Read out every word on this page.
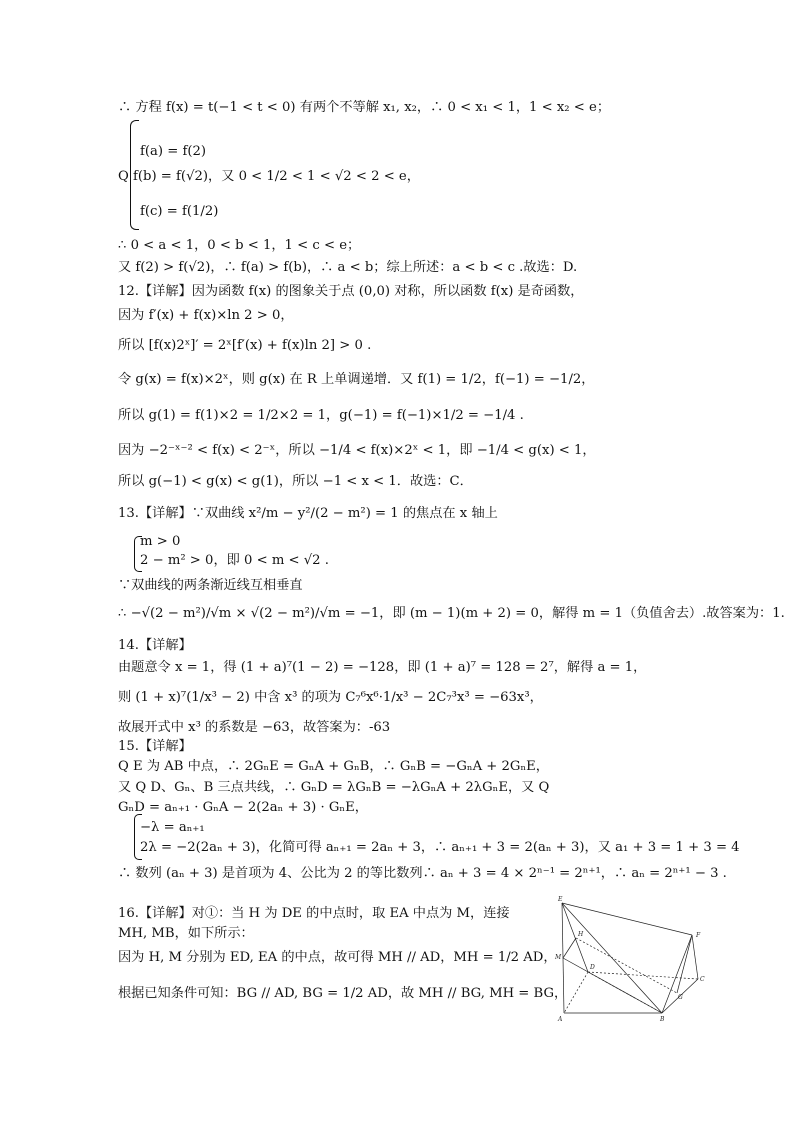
∴ 方程 f(x) = t(−1 < t < 0) 有两个不等解 x₁, x₂，∴ 0 < x₁ < 1，1 < x₂ < e；
f(a) = f(2)
Q f(b) = f(√2)，又 0 < 1/2 < 1 < √2 < 2 < e，
f(c) = f(1/2)
∴ 0 < a < 1，0 < b < 1，1 < c < e；
又 f(2) > f(√2)，∴ f(a) > f(b)，∴ a < b；综上所述：a < b < c .故选：D.
12.【详解】因为函数 f(x) 的图象关于点 (0,0) 对称，所以函数 f(x) 是奇函数，
因为 f′(x) + f(x)×ln 2 > 0，
所以 [f(x)2ˣ]′ = 2ˣ[f′(x) + f(x)ln 2] > 0 .
令 g(x) = f(x)×2ˣ，则 g(x) 在 R 上单调递增．又 f(1) = 1/2，f(−1) = −1/2，
所以 g(1) = f(1)×2 = 1/2×2 = 1，g(−1) = f(−1)×1/2 = −1/4 .
因为 −2⁻ˣ⁻² < f(x) < 2⁻ˣ，所以 −1/4 < f(x)×2ˣ < 1，即 −1/4 < g(x) < 1，
所以 g(−1) < g(x) < g(1)，所以 −1 < x < 1．故选：C．
13.【详解】∵双曲线 x²/m − y²/(2 − m²) = 1 的焦点在 x 轴上
m > 0
2 − m² > 0，即 0 < m < √2 .
∵双曲线的两条渐近线互相垂直
∴ −√(2 − m²)/√m × √(2 − m²)/√m = −1，即 (m − 1)(m + 2) = 0，解得 m = 1（负值舍去）.故答案为：1.
14.【详解】
由题意令 x = 1，得 (1 + a)⁷(1 − 2) = −128，即 (1 + a)⁷ = 128 = 2⁷，解得 a = 1，
则 (1 + x)⁷(1/x³ − 2) 中含 x³ 的项为 C₇⁶x⁶·1/x³ − 2C₇³x³ = −63x³，
故展开式中 x³ 的系数是 −63，故答案为：-63
15.【详解】
Q E 为 AB 中点，∴ 2GₙE = GₙA + GₙB，∴ GₙB = −GₙA + 2GₙE，
又 Q D、Gₙ、B 三点共线，∴ GₙD = λGₙB = −λGₙA + 2λGₙE，又 Q
GₙD = aₙ₊₁ · GₙA − 2(2aₙ + 3) · GₙE，
−λ = aₙ₊₁
2λ = −2(2aₙ + 3)，化简可得 aₙ₊₁ = 2aₙ + 3，∴ aₙ₊₁ + 3 = 2(aₙ + 3)，又 a₁ + 3 = 1 + 3 = 4
∴ 数列 (aₙ + 3) 是首项为 4、公比为 2 的等比数列∴ aₙ + 3 = 4 × 2ⁿ⁻¹ = 2ⁿ⁺¹，∴ aₙ = 2ⁿ⁺¹ − 3 .
16.【详解】对①：当 H 为 DE 的中点时，取 EA 中点为 M，连接
MH, MB，如下所示：
因为 H, M 分别为 ED, EA 的中点，故可得 MH // AD，MH = 1/2 AD，
根据已知条件可知：BG // AD, BG = 1/2 AD，故 MH // BG, MH = BG，
E
H	F
M
D
C
G
A	B
